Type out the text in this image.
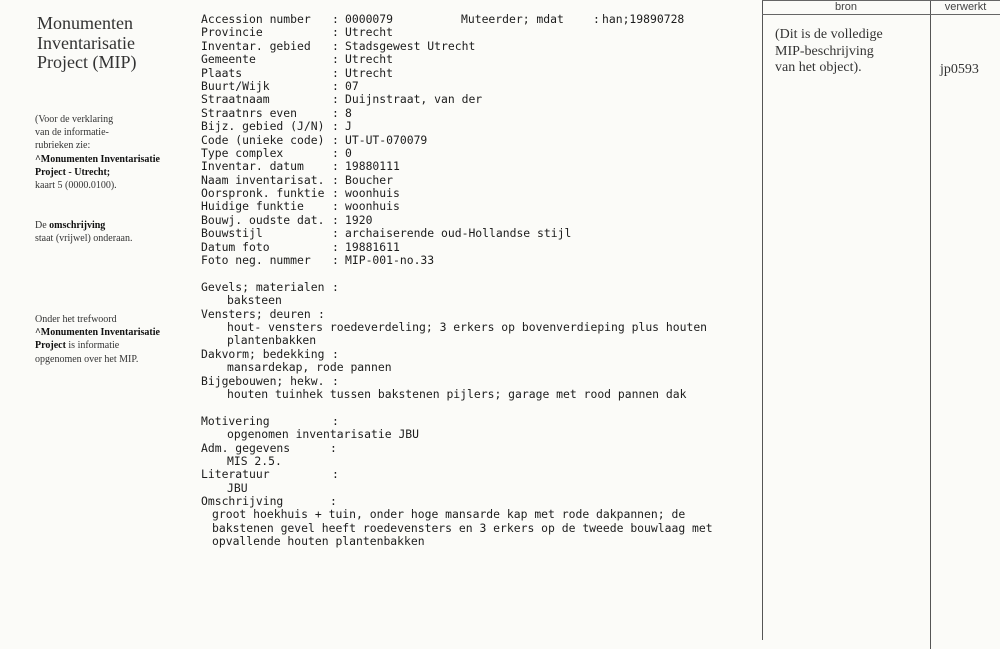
Monumenten
Inventarisatie
Project (MIP)
(Voor de verklaring
van de informatie-
rubrieken zie:
^Monumenten Inventarisatie
Project - Utrecht;
kaart 5 (0000.0100).
De omschrijving
staat (vrijwel) onderaan.
Onder het trefwoord
^Monumenten Inventarisatie
Project is informatie
opgenomen over het MIP.
Accession number : 0000079	Muteerder; mdat	: han;19890728
Provincie	: Utrecht
Inventar. gebied : Stadsgewest Utrecht
Gemeente	: Utrecht
Plaats	: Utrecht
Buurt/Wijk	: 07
Straatnaam	: Duijnstraat, van der
Straatnrs even	: 8
Bijz. gebied (J/N) : J
Code (unieke code) : UT-UT-070079
Type complex	: 0
Inventar. datum : 19880111
Naam inventarisat. : Boucher
Oorspronk. funktie : woonhuis
Huidige funktie : woonhuis
Bouwj. oudste dat. : 1920
Bouwstijl	: archaiserende oud-Hollandse stijl
Datum foto	: 19881611
Foto neg. nummer : MIP-001-no.33
Gevels; materialen :
baksteen
Vensters; deuren :
hout- vensters roedeverdeling; 3 erkers op bovenverdieping plus houten
plantenbakken
Dakvorm; bedekking :
mansardekap, rode pannen
Bijgebouwen; hekw. :
houten tuinhek tussen bakstenen pijlers; garage met rood pannen dak
Motivering	:
opgenomen inventarisatie JBU
Adm. gegevens	:
MIS 2.5.
Literatuur	:
JBU
Omschrijving	:
groot hoekhuis + tuin, onder hoge mansarde kap met rode dakpannen; de
bakstenen gevel heeft roedevensters en 3 erkers op de tweede bouwlaag met
opvallende houten plantenbakken
bron	verwerkt
(Dit is de volledige
MIP-beschrijving
van het object).	jp0593
